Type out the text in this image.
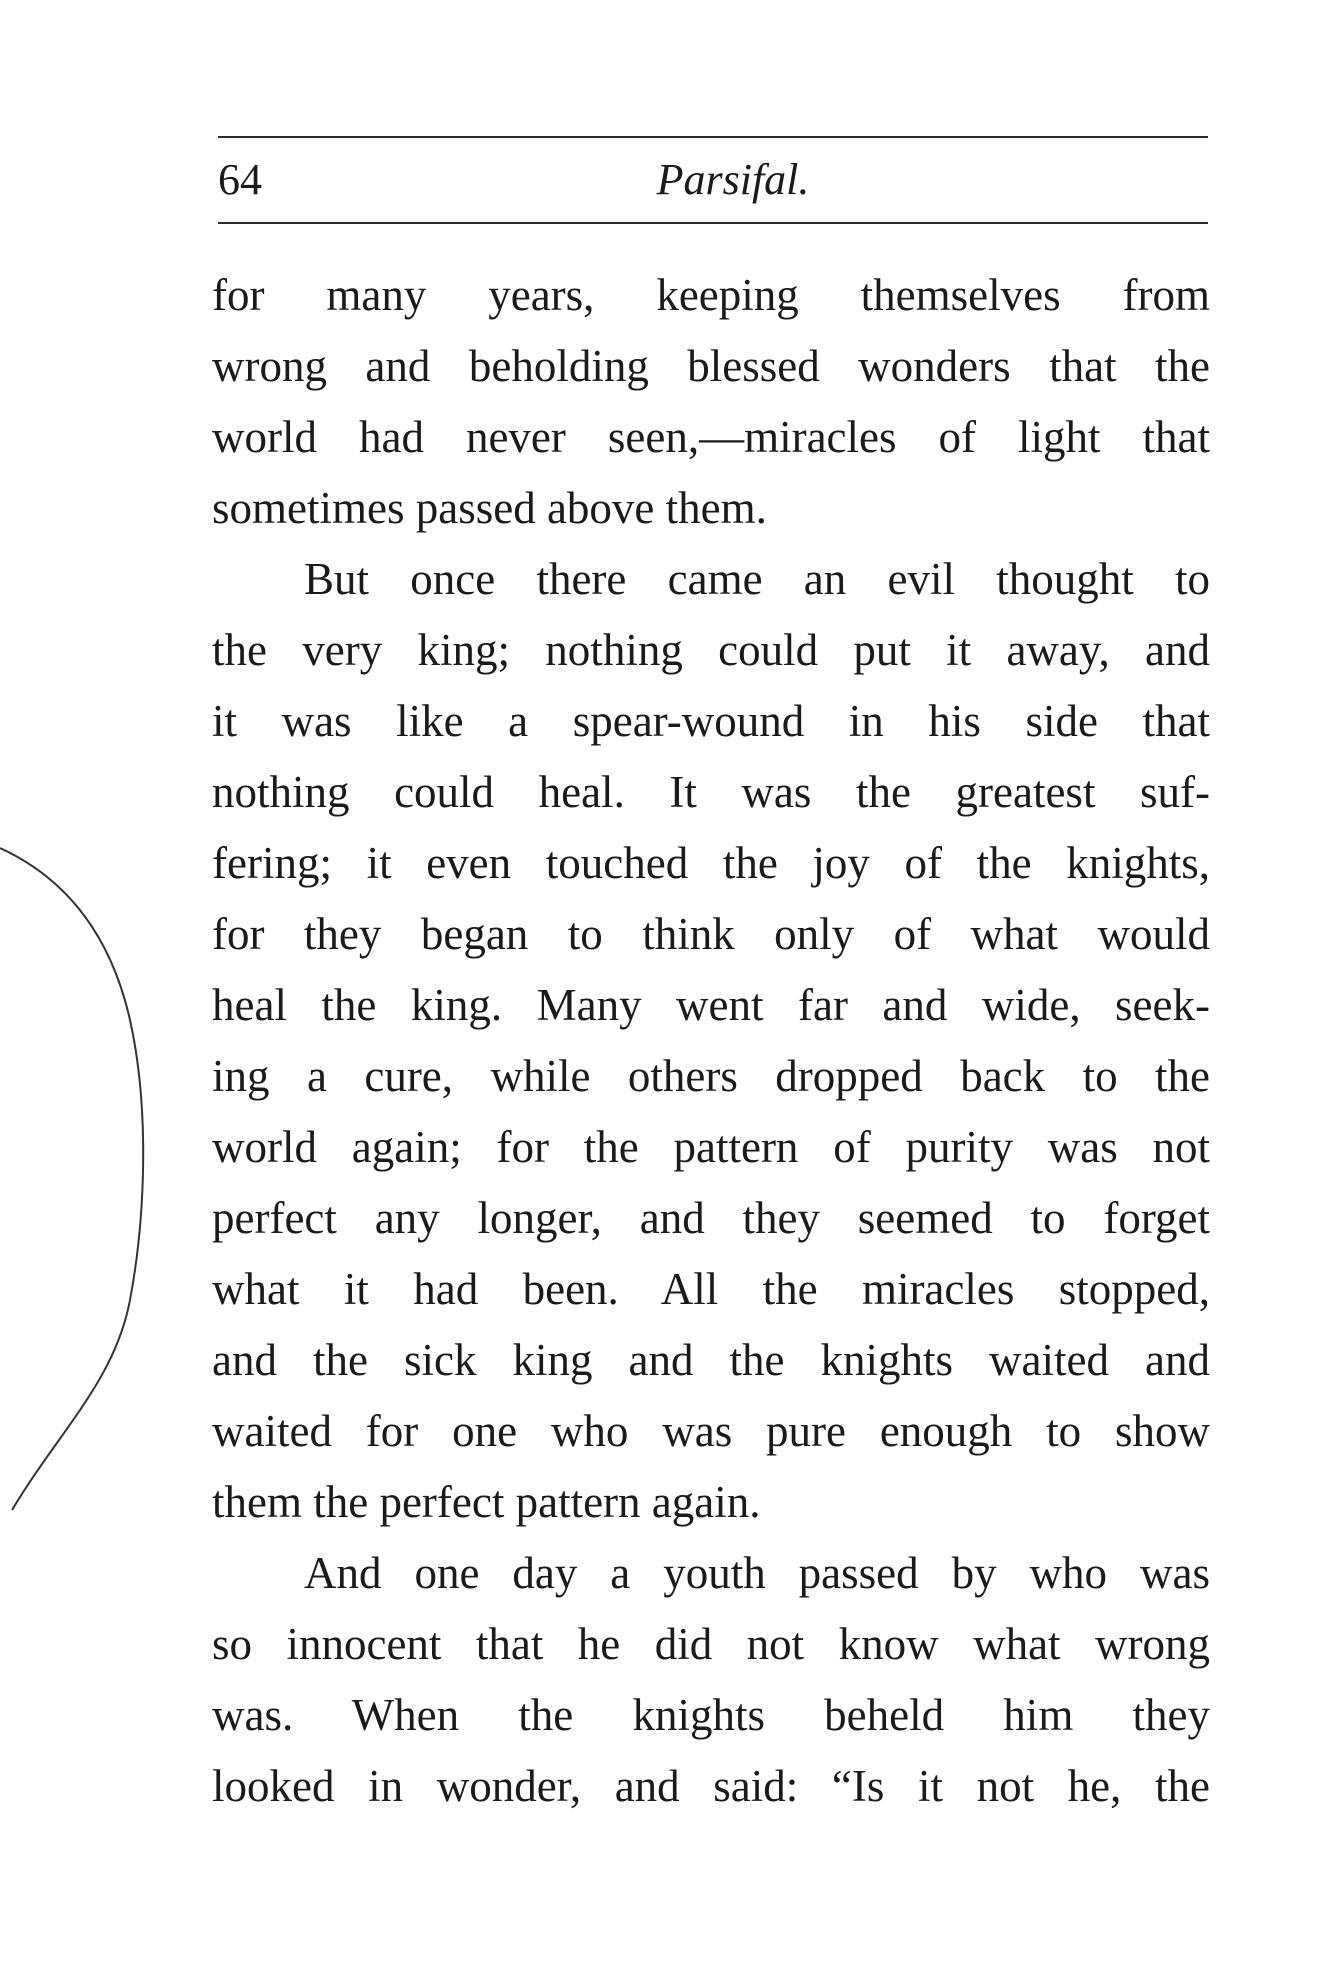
64	Parsifal.
for many years, keeping themselves from
wrong and beholding blessed wonders that the
world had never seen,—miracles of light that
sometimes passed above them.
But once there came an evil thought to
the very king; nothing could put it away, and
it was like a spear-wound in his side that
nothing could heal. It was the greatest suf-
fering; it even touched the joy of the knights,
for they began to think only of what would
heal the king. Many went far and wide, seek-
ing a cure, while others dropped back to the
world again; for the pattern of purity was not
perfect any longer, and they seemed to forget
what it had been. All the miracles stopped,
and the sick king and the knights waited and
waited for one who was pure enough to show
them the perfect pattern again.
And one day a youth passed by who was
so innocent that he did not know what wrong
was. When the knights beheld him they
looked in wonder, and said: “Is it not he, the
